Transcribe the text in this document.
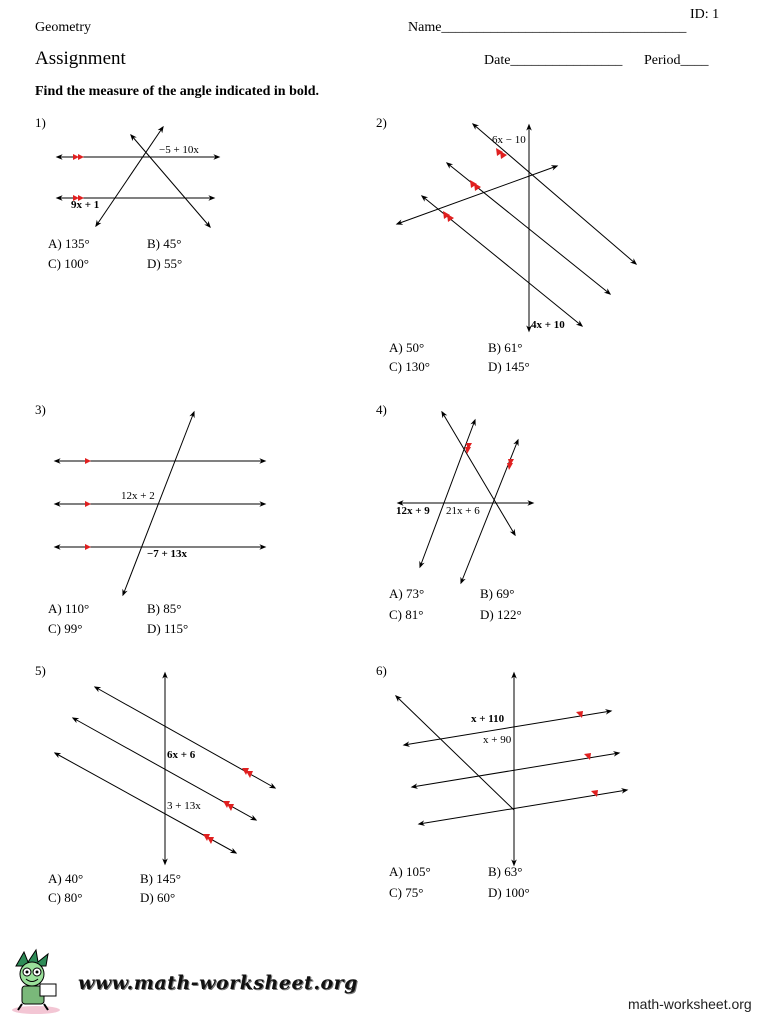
ID: 1
Geometry	Name___________________________________
Assignment	Date________________ Period____
Find the measure of the angle indicated in bold.
1)
−5 + 10x
9x + 1
A) 135°	B) 45°
C) 100°	D) 55°
2)
6x − 10
4x + 10
A) 50°	B) 61°
C) 130°	D) 145°
3)
12x + 2
−7 + 13x
A) 110°	B) 85°
C) 99°	D) 115°
4)
12x + 9 21x + 6
A) 73°	B) 69°
C) 81°	D) 122°
5)
6x + 6
3 + 13x
A) 40°	B) 145°
C) 80°	D) 60°
6)
x + 110
x + 90
A) 105°	B) 63°
C) 75°	D) 100°
www.math-worksheet.org
math-worksheet.org
